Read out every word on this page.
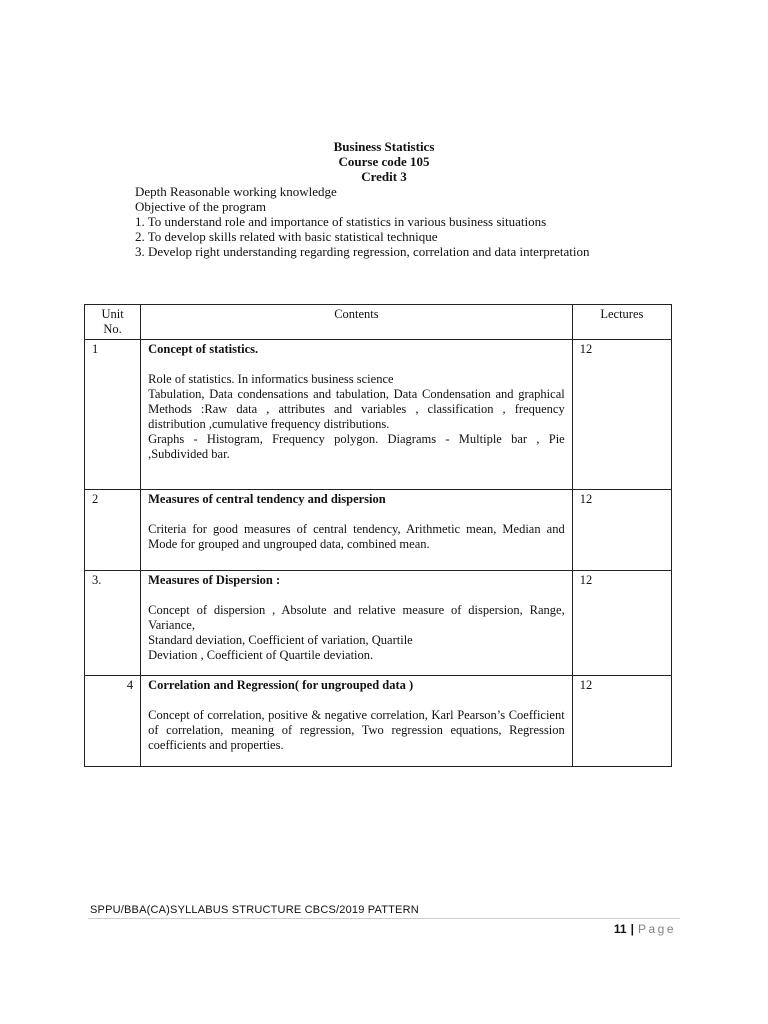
Business Statistics
Course code 105
Credit 3
Depth Reasonable working knowledge
Objective of the program
1. To understand role and importance of statistics in various business situations
2. To develop skills related with basic statistical technique
3. Develop right understanding regarding regression, correlation and data interpretation
Unit No.	Contents	Lectures
1	Concept of statistics.
Role of statistics. In informatics business science
Tabulation, Data condensations and tabulation, Data Condensation and graphical Methods :Raw data , attributes and variables , classification , frequency distribution ,cumulative frequency distributions.
Graphs - Histogram, Frequency polygon. Diagrams - Multiple bar , Pie ,Subdivided bar.	12
2	Measures of central tendency and dispersion
Criteria for good measures of central tendency, Arithmetic mean, Median and Mode for grouped and ungrouped data, combined mean.	12
3.	Measures of Dispersion :
Concept of dispersion , Absolute and relative measure of dispersion, Range, Variance,
Standard deviation, Coefficient of variation, Quartile
Deviation , Coefficient of Quartile deviation.	12
4	Correlation and Regression( for ungrouped data )
Concept of correlation, positive & negative correlation, Karl Pearson’s Coefficient of correlation, meaning of regression, Two regression equations, Regression coefficients and properties.	12
SPPU/BBA(CA)SYLLABUS STRUCTURE CBCS/2019 PATTERN
11 | Page
